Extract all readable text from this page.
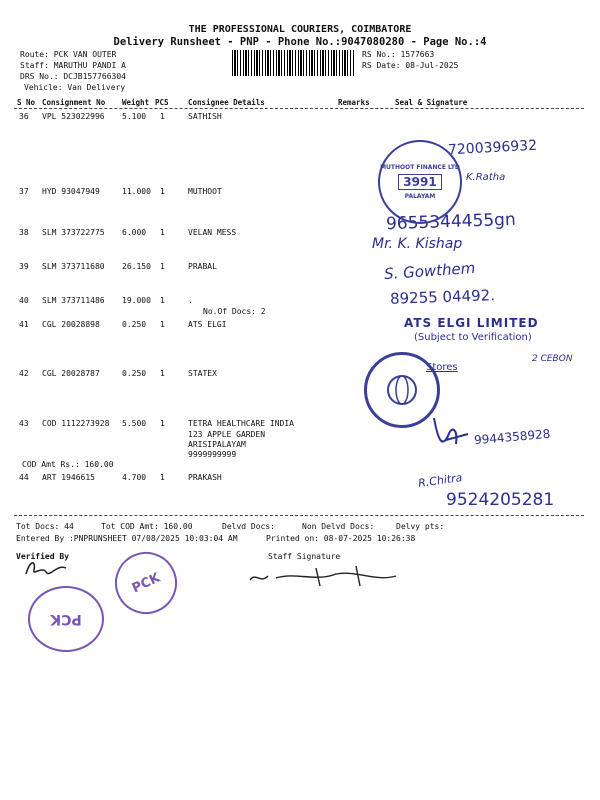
THE PROFESSIONAL COURIERS, COIMBATORE
Delivery Runsheet - PNP - Phone No.:9047080280 - Page No.:4
Route: PCK VAN OUTER
Staff: MARUTHU PANDI A
DRS No.: DCJB157766304
Vehicle: Van Delivery
RS No.: 1577663
RS Date: 08-Jul-2025
S No Consignment No Weight PCS	Consignee Details	Remarks	Seal & Signature
36 VPL 523022996 5.100 1	SATHISH
37 HYD 93047949	11.000 1	MUTHOOT
38 SLM 373722775 6.000 1	VELAN MESS
39 SLM 373711680 26.150 1	PRABAL
40 SLM 373711486 19.000 1	.
No.Of Docs: 2
41 CGL 20028898	0.250 1	ATS ELGI
42 CGL 20028787	0.250 1	STATEX
43 COD 1112273928 5.500 1	TETRA HEALTHCARE INDIA
123 APPLE GARDEN
ARISIPALAYAM
9999999999
COD Amt Rs.: 160.00
44 ART 1946615	4.700 1	PRAKASH
7200396932
K.Ratha
9655344455gn
Mr. K. Kishap
S. Gowthem
89255 04492.
Stores
2 CEBON
9944358928
R.Chitra
9524205281
MUTHOOT FINANCE LTD
3991
PALAYAM
ATS ELGI LIMITED
(Subject to Verification)
Tot Docs: 44	Tot COD Amt: 160.00	Delvd Docs:	Non Delvd Docs:	Delvy pts:
Entered By :PNPRUNSHEET 07/08/2025 10:03:04 AM	Printed on: 08-07-2025 10:26:38
Verified By	Staff Signature
PCK
PCK
